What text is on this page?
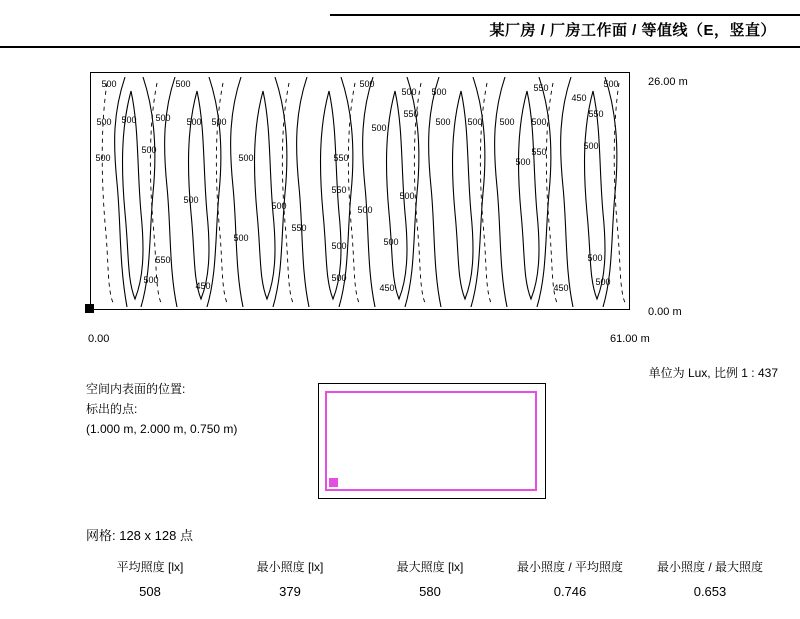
某厂房 / 厂房工作面 / 等值线（E，竖直）
500	500	500
500 500	550
450
500
500 500 500 500 500
550
500
500 500 500 500
550
500
500
500
500	550
550
500
550
500
500	500
500
550
500
500	500
550	500
500
450	450
500
450
500
26.00 m
0.00 m
0.00	61.00 m
单位为 Lux, 比例 1 : 437
空间内表面的位置:
标出的点:
(1.000 m, 2.000 m, 0.750 m)
网格: 128 x 128 点
平均照度 [lx]
508
最小照度 [lx]
379
最大照度 [lx]
580
最小照度 / 平均照度
0.746
最小照度 / 最大照度
0.653
